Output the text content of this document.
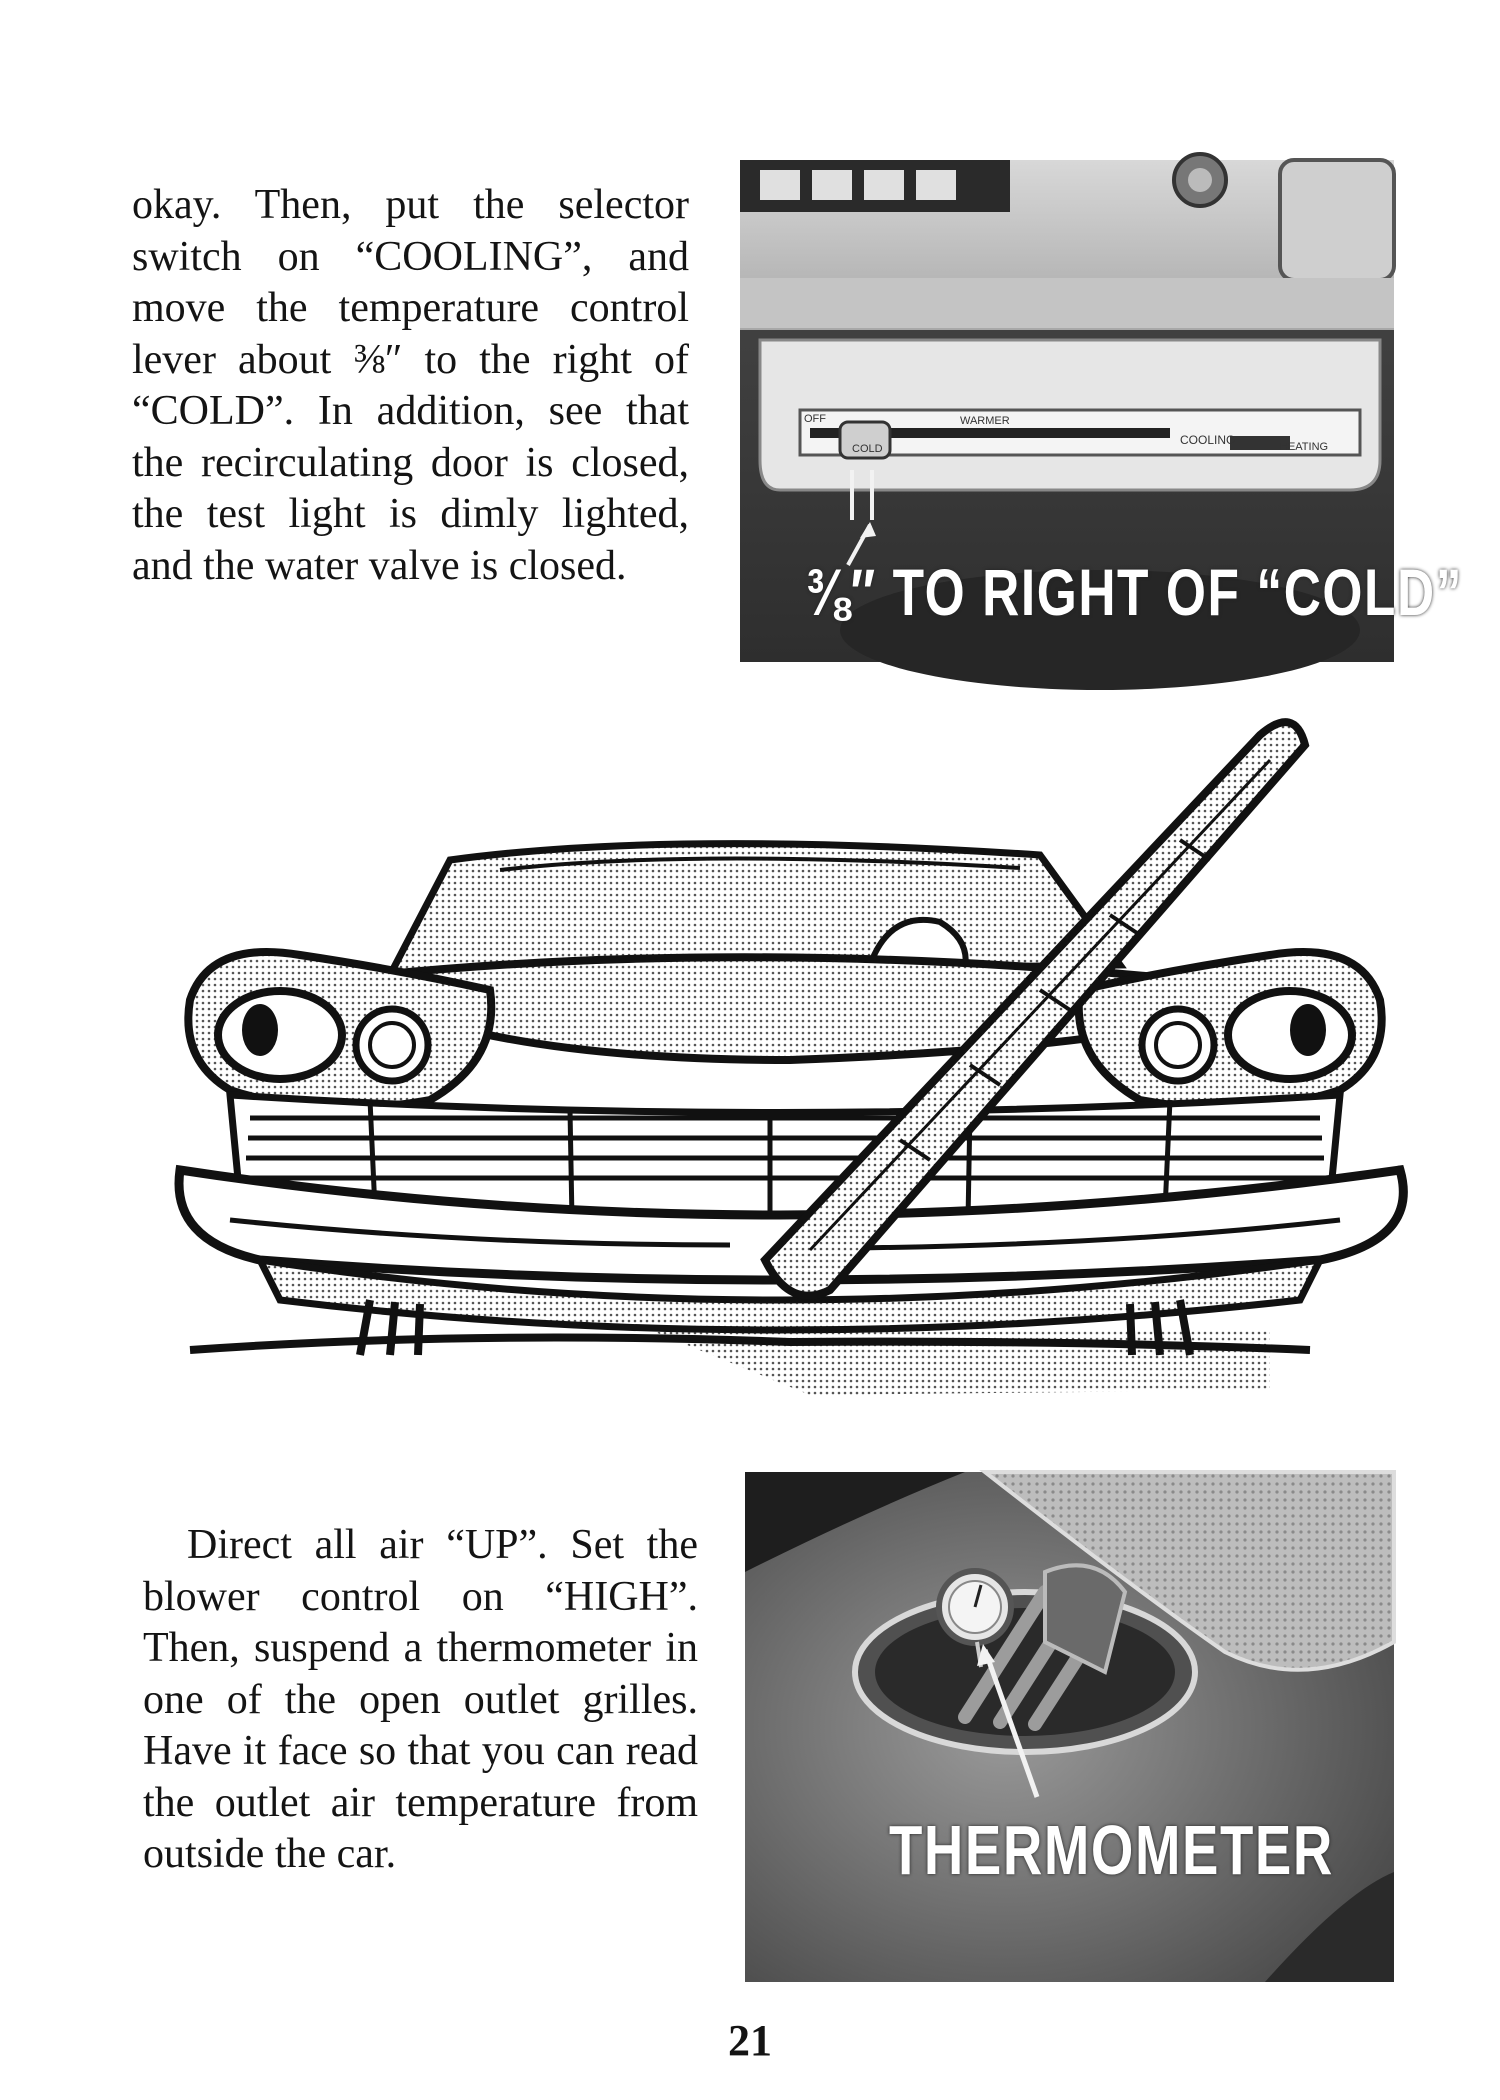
okay. Then, put the selector switch on “COOLING”, and move the temperature control lever about ⅜″ to the right of “COLD”. In addition, see that the recirculating door is closed, the test light is dimly lighted, and the water valve is closed.

OFF
COLD
WARMER
COOLING	HEATING
⅜″ TO RIGHT OF “COLD”

Direct all air “UP”. Set the blower control on “HIGH”. Then, suspend a thermometer in one of the open outlet grilles. Have it face so that you can read the outlet air temperature from outside the car.	THERMOMETER
21
